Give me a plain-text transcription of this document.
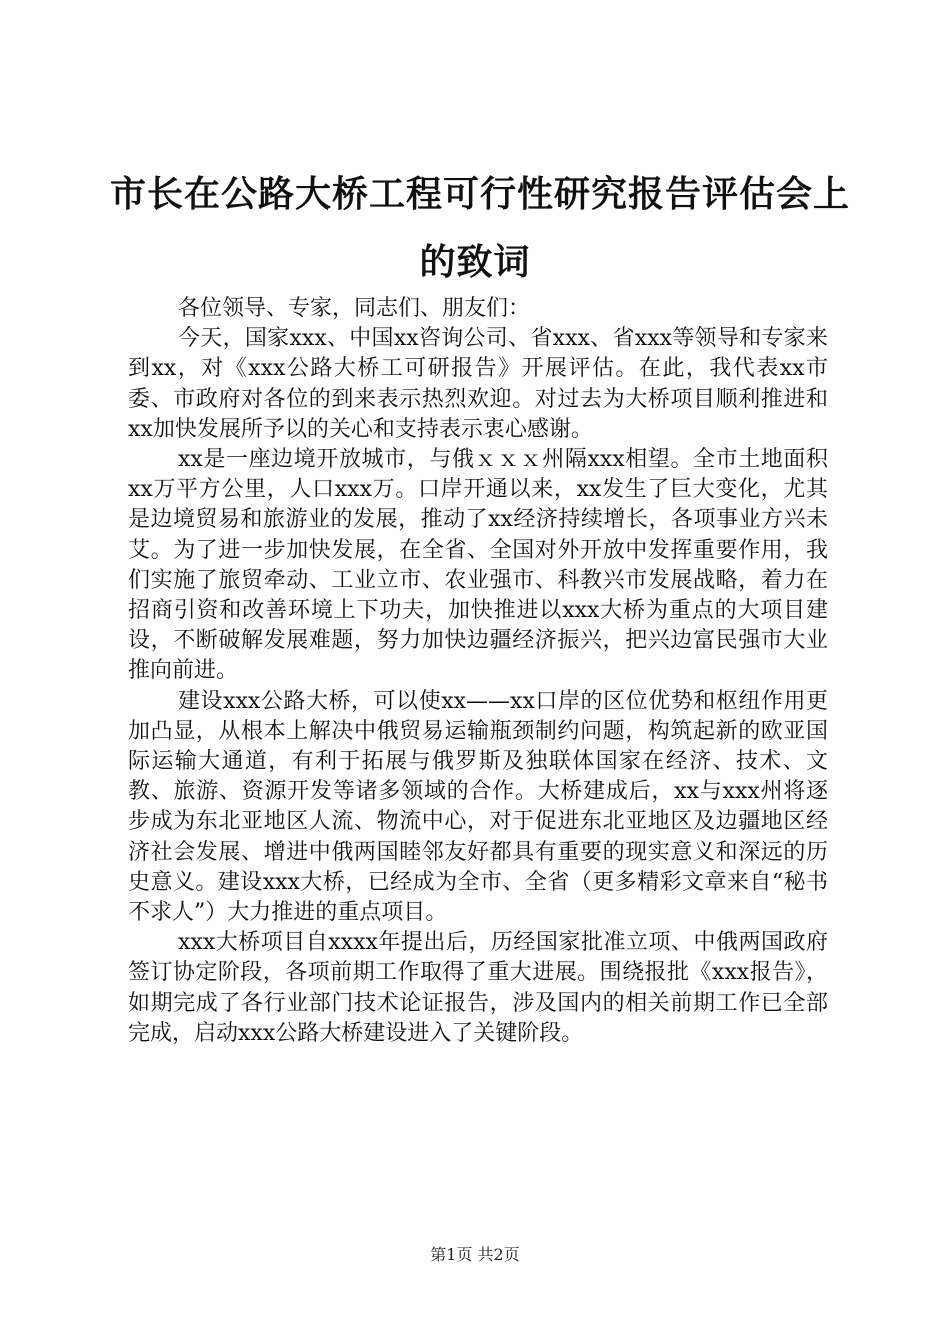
市长在公路大桥工程可行性研究报告评估会上
的致词

各位领导、专家，同志们、朋友们：

今天，国家xxx、中国xx咨询公司、省xxx、省xxx等领导和专家来到xx，对《xxx公路大桥工可研报告》开展评估。在此，我代表xx市委、市政府对各位的到来表示热烈欢迎。对过去为大桥项目顺利推进和xx加快发展所予以的关心和支持表示衷心感谢。

xx是一座边境开放城市，与俄ｘｘｘ州隔xxx相望。全市土地面积xx万平方公里，人口xxx万。口岸开通以来，xx发生了巨大变化，尤其是边境贸易和旅游业的发展，推动了xx经济持续增长，各项事业方兴未艾。为了进一步加快发展，在全省、全国对外开放中发挥重要作用，我们实施了旅贸牵动、工业立市、农业强市、科教兴市发展战略，着力在招商引资和改善环境上下功夫，加快推进以xxx大桥为重点的大项目建设，不断破解发展难题，努力加快边疆经济振兴，把兴边富民强市大业推向前进。

建设xxx公路大桥，可以使xx——xx口岸的区位优势和枢纽作用更加凸显，从根本上解决中俄贸易运输瓶颈制约问题，构筑起新的欧亚国际运输大通道，有利于拓展与俄罗斯及独联体国家在经济、技术、文教、旅游、资源开发等诸多领域的合作。大桥建成后，xx与xxx州将逐步成为东北亚地区人流、物流中心，对于促进东北亚地区及边疆地区经济社会发展、增进中俄两国睦邻友好都具有重要的现实意义和深远的历史意义。建设xxx大桥，已经成为全市、全省（更多精彩文章来自“秘书不求人”）大力推进的重点项目。

xxx大桥项目自xxxx年提出后，历经国家批准立项、中俄两国政府签订协定阶段，各项前期工作取得了重大进展。围绕报批《xxx报告》，如期完成了各行业部门技术论证报告，涉及国内的相关前期工作已全部完成，启动xxx公路大桥建设进入了关键阶段。

第1页 共2页
